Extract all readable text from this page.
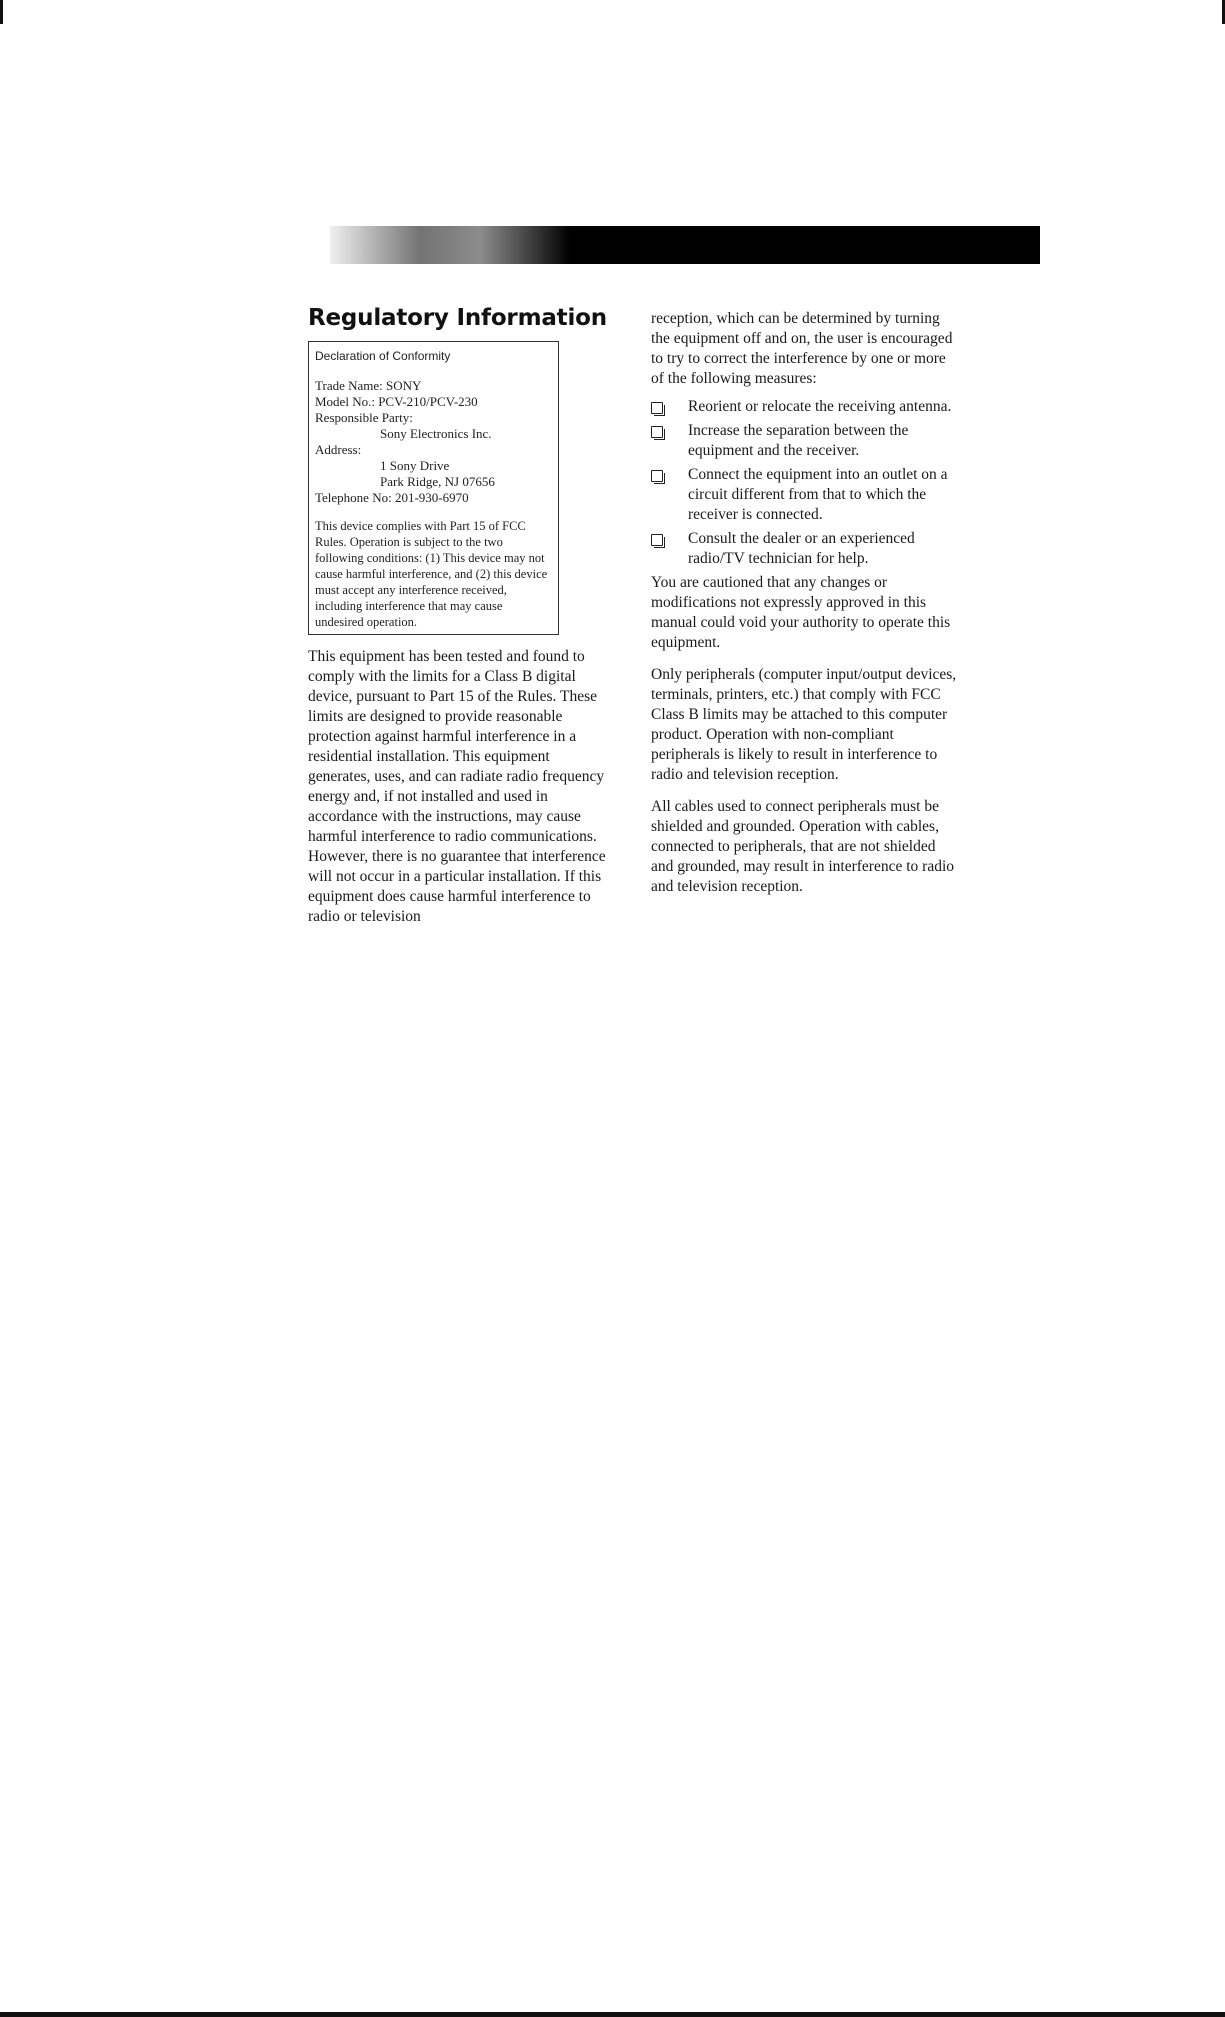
Regulatory Information
Declaration of Conformity
Trade Name: SONY
Model No.: PCV-210/PCV-230
Responsible Party:
Sony Electronics Inc.
Address:
1 Sony Drive
Park Ridge, NJ 07656
Telephone No: 201-930-6970
This device complies with Part 15 of FCC Rules. Operation is subject to the two following conditions: (1) This device may not cause harmful interference, and (2) this device must accept any interference received, including interference that may cause undesired operation.

This equipment has been tested and found to comply with the limits for a Class B digital device, pursuant to Part 15 of the Rules. These limits are designed to provide reasonable protection against harmful interference in a residential installation. This equipment generates, uses, and can radiate radio frequency energy and, if not installed and used in accordance with the instructions, may cause harmful interference to radio communications. However, there is no guarantee that interference will not occur in a particular installation. If this equipment does cause harmful interference to radio or television

reception, which can be determined by turning the equipment off and on, the user is encouraged to try to correct the interference by one or more of the following measures:

Reorient or relocate the receiving antenna.
Increase the separation between the equipment and the receiver.
Connect the equipment into an outlet on a circuit different from that to which the receiver is connected.
Consult the dealer or an experienced radio/TV technician for help.

You are cautioned that any changes or modifications not expressly approved in this manual could void your authority to operate this equipment.

Only peripherals (computer input/output devices, terminals, printers, etc.) that comply with FCC Class B limits may be attached to this computer product. Operation with non-compliant peripherals is likely to result in interference to radio and television reception.

All cables used to connect peripherals must be shielded and grounded. Operation with cables, connected to peripherals, that are not shielded and grounded, may result in interference to radio and television reception.
